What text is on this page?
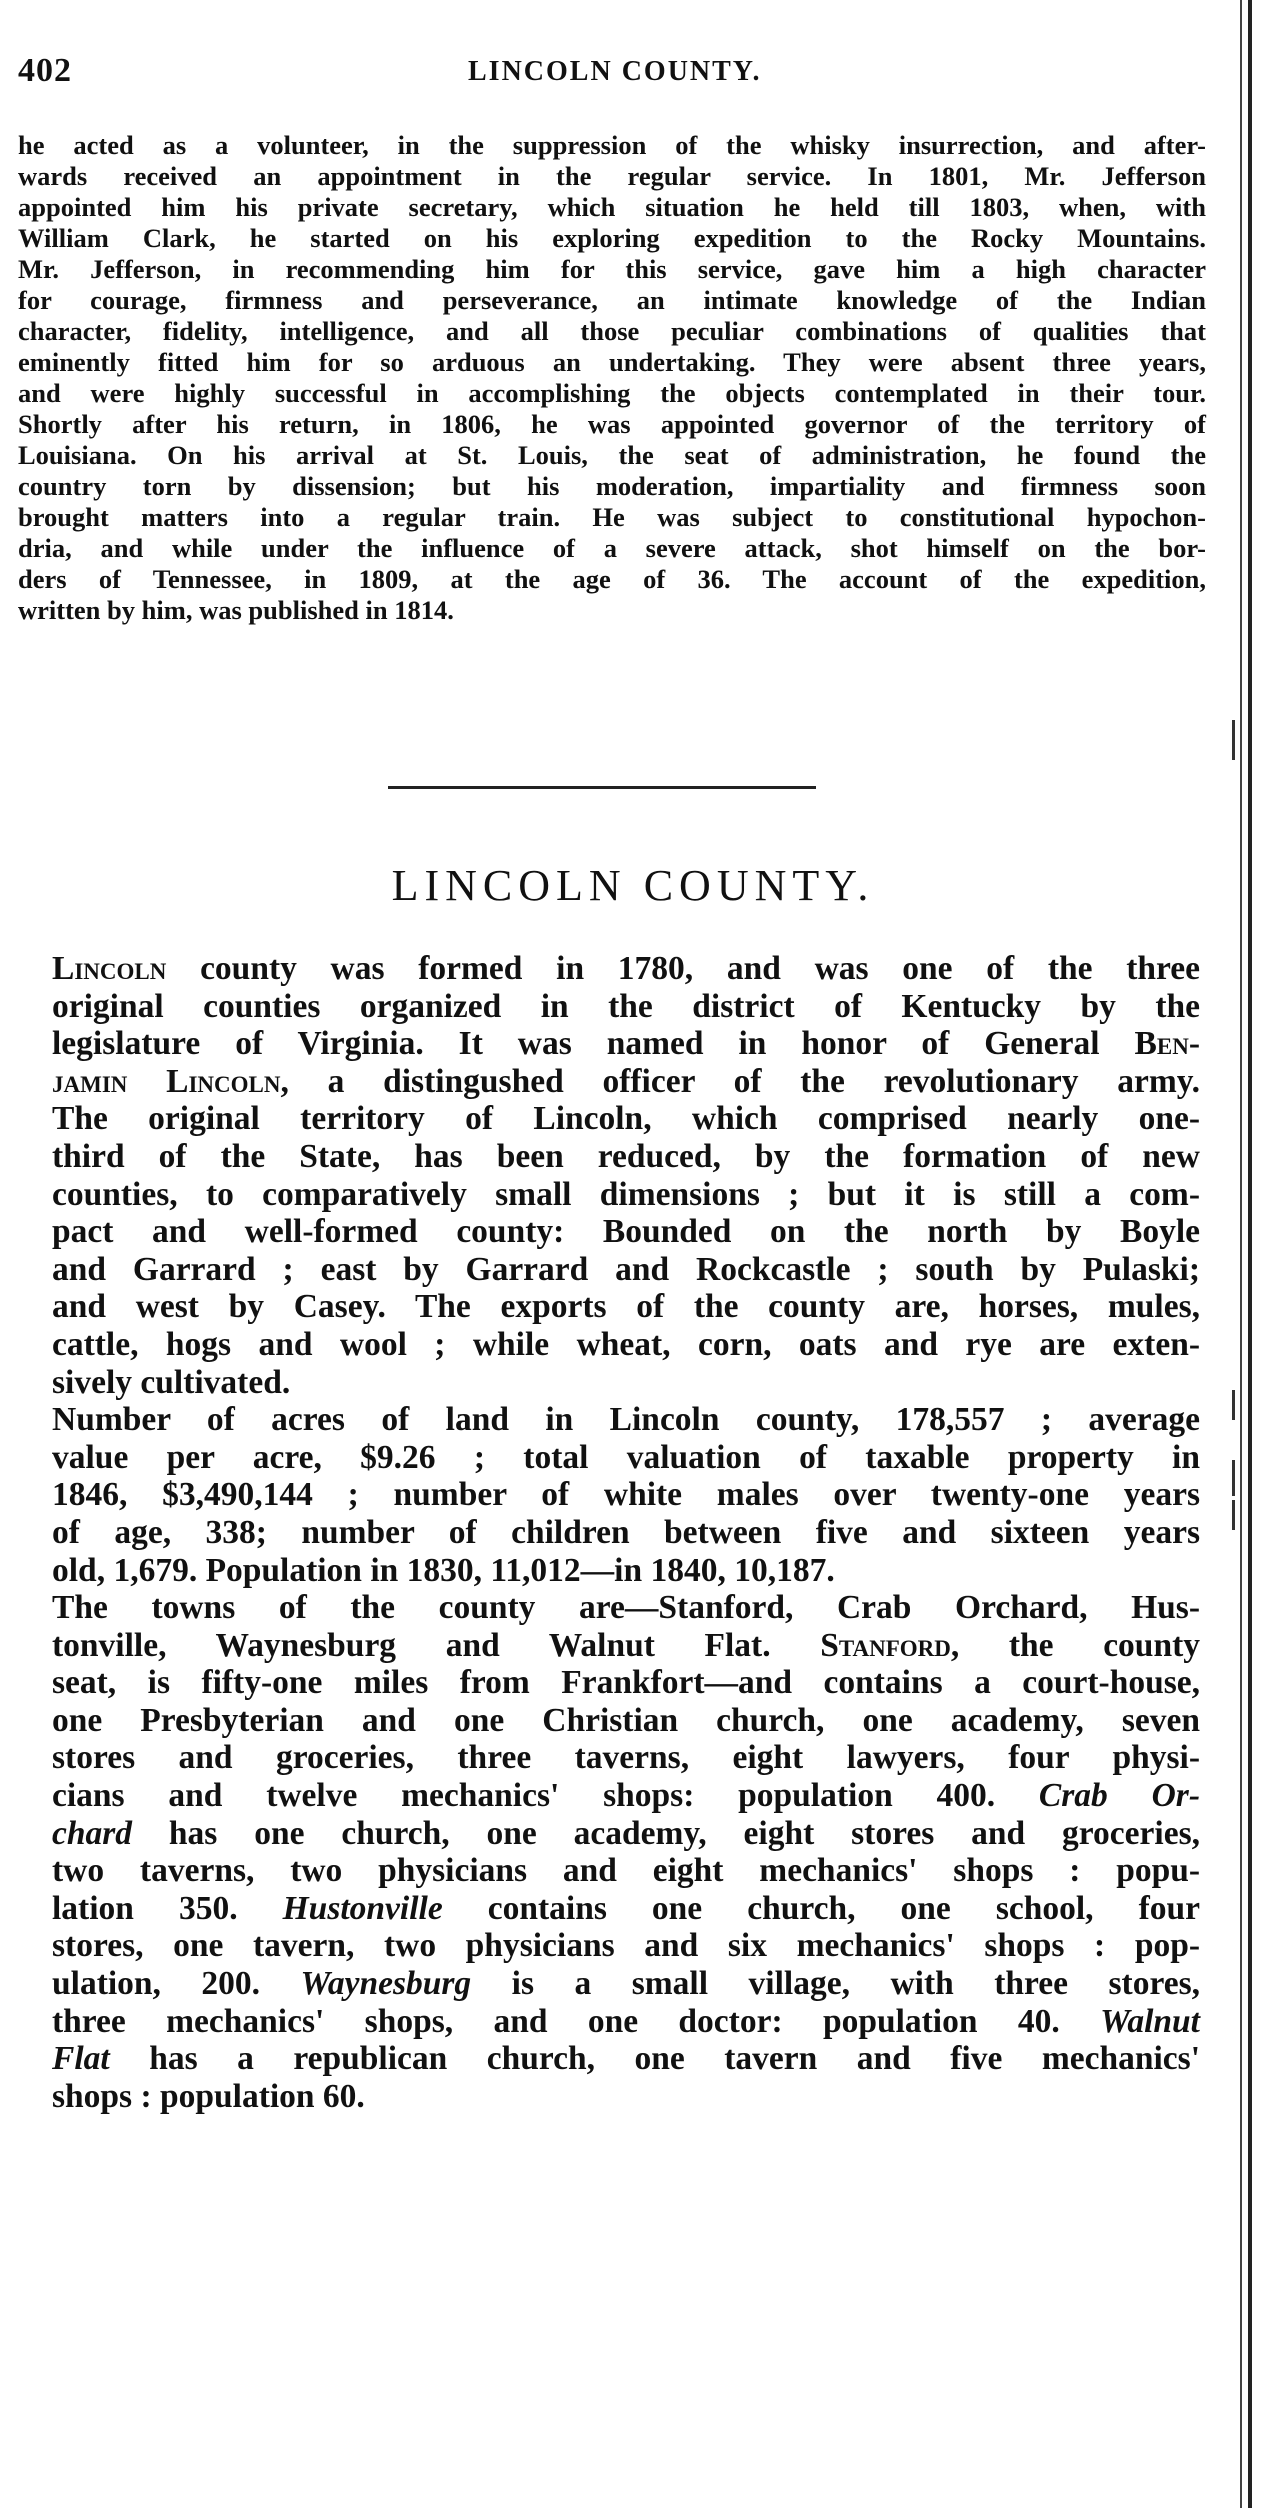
402	LINCOLN COUNTY.
he acted as a volunteer, in the suppression of the whisky insurrection, and after-
wards received an appointment in the regular service. In 1801, Mr. Jefferson
appointed him his private secretary, which situation he held till 1803, when, with
William Clark, he started on his exploring expedition to the Rocky Mountains.
Mr. Jefferson, in recommending him for this service, gave him a high character
for courage, firmness and perseverance, an intimate knowledge of the Indian
character, fidelity, intelligence, and all those peculiar combinations of qualities that
eminently fitted him for so arduous an undertaking. They were absent three years,
and were highly successful in accomplishing the objects contemplated in their tour.
Shortly after his return, in 1806, he was appointed governor of the territory of
Louisiana. On his arrival at St. Louis, the seat of administration, he found the
country torn by dissension; but his moderation, impartiality and firmness soon
brought matters into a regular train. He was subject to constitutional hypochon-
dria, and while under the influence of a severe attack, shot himself on the bor-
ders of Tennessee, in 1809, at the age of 36. The account of the expedition,
written by him, was published in 1814.
LINCOLN COUNTY.
Lincoln county was formed in 1780, and was one of the three
original counties organized in the district of Kentucky by the
legislature of Virginia. It was named in honor of General Ben-
jamin Lincoln, a distingushed officer of the revolutionary army.
The original territory of Lincoln, which comprised nearly one-
third of the State, has been reduced, by the formation of new
counties, to comparatively small dimensions ; but it is still a com-
pact and well-formed county: Bounded on the north by Boyle
and Garrard ; east by Garrard and Rockcastle ; south by Pulaski;
and west by Casey. The exports of the county are, horses, mules,
cattle, hogs and wool ; while wheat, corn, oats and rye are exten-
sively cultivated.
Number of acres of land in Lincoln county, 178,557 ; average
value per acre, $9.26 ; total valuation of taxable property in
1846, $3,490,144 ; number of white males over twenty-one years
of age, 338; number of children between five and sixteen years
old, 1,679. Population in 1830, 11,012—in 1840, 10,187.
The towns of the county are—Stanford, Crab Orchard, Hus-
tonville, Waynesburg and Walnut Flat. Stanford, the county
seat, is fifty-one miles from Frankfort—and contains a court-house,
one Presbyterian and one Christian church, one academy, seven
stores and groceries, three taverns, eight lawyers, four physi-
cians and twelve mechanics' shops: population 400. Crab Or-
chard has one church, one academy, eight stores and groceries,
two taverns, two physicians and eight mechanics' shops : popu-
lation 350. Hustonville contains one church, one school, four
stores, one tavern, two physicians and six mechanics' shops : pop-
ulation, 200. Waynesburg is a small village, with three stores,
three mechanics' shops, and one doctor: population 40. Walnut
Flat has a republican church, one tavern and five mechanics'
shops : population 60.
